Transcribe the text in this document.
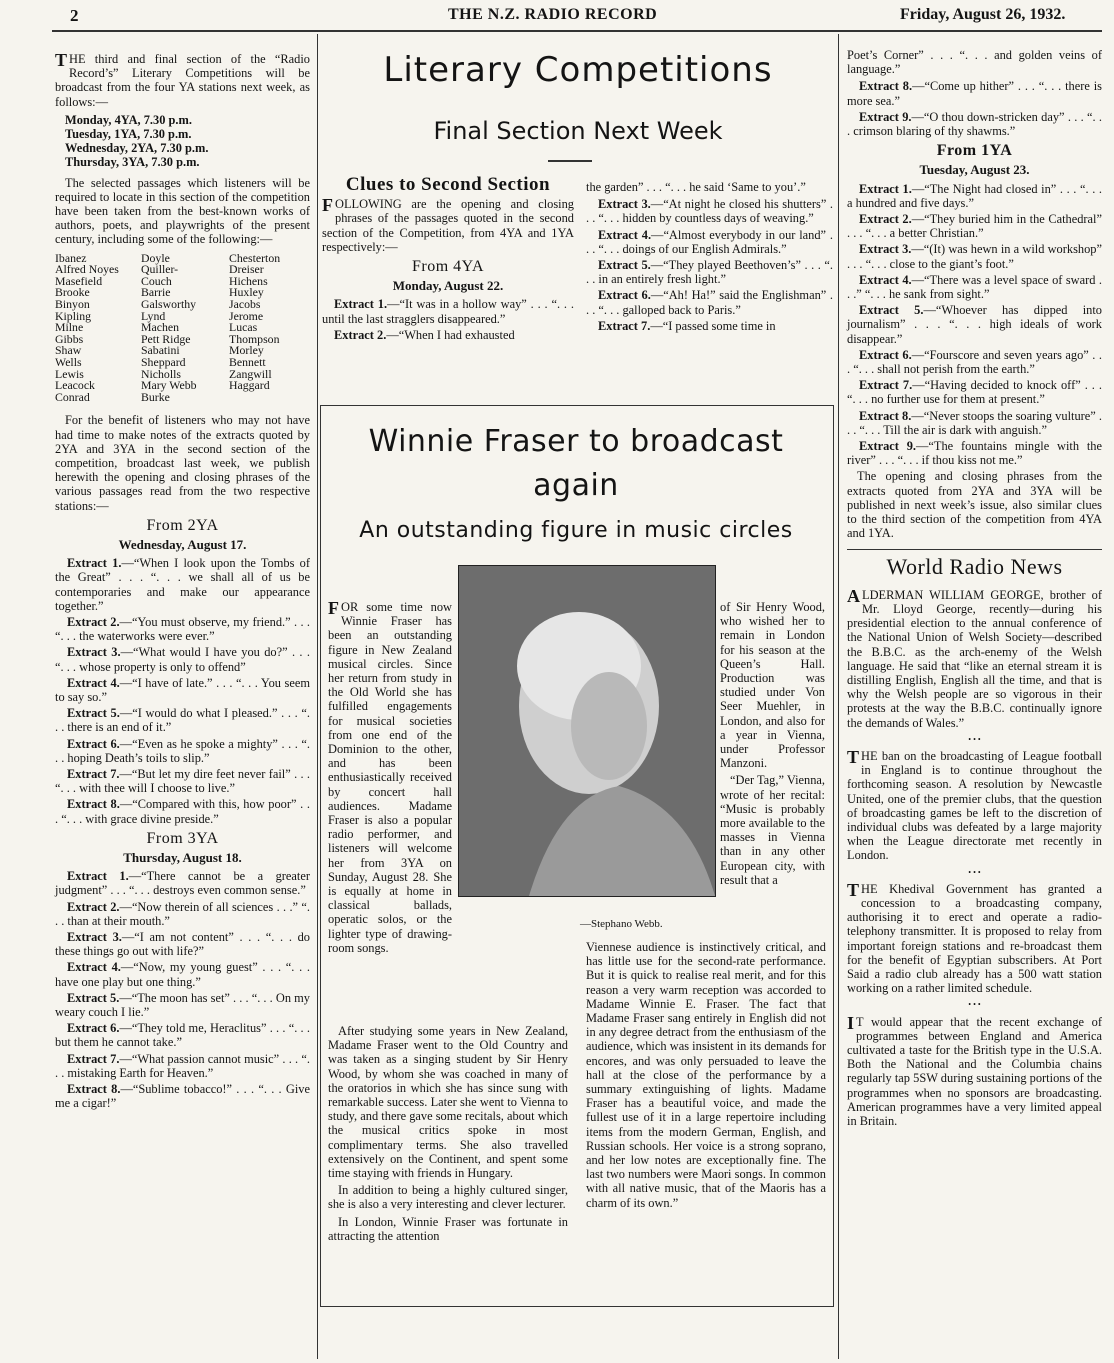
2	THE N.Z. RADIO RECORD	Friday, August 26, 1932.

T HE third and final section of the “Radio Record’s” Literary Competitions will be broadcast from the four YA stations next week, as follows:—

Monday, 4YA, 7.30 p.m.
Tuesday, 1YA, 7.30 p.m.
Wednesday, 2YA, 7.30 p.m.
Thursday, 3YA, 7.30 p.m.

The selected passages which listeners will be required to locate in this section of the competition have been taken from the best-known works of authors, poets, and playwrights of the present century, including some of the following:—

Ibanez	Doyle	Chesterton
Alfred Noyes	Quiller-	Dreiser
Masefield	Couch	Hichens
Brooke	Barrie	Huxley
Binyon	Galsworthy	Jacobs
Kipling	Lynd	Jerome
Milne	Machen	Lucas
Gibbs	Pett Ridge	Thompson
Shaw	Sabatini	Morley
Wells	Sheppard	Bennett
Lewis	Nicholls	Zangwill
Leacock	Mary Webb	Haggard
Conrad	Burke

For the benefit of listeners who may not have had time to make notes of the extracts quoted by 2YA and 3YA in the second section of the competition, broadcast last week, we publish herewith the opening and closing phrases of the various passages read from the two respective stations:—

From 2YA
Wednesday, August 17.

Extract 1.—“When I look upon the Tombs of the Great” . . . “. . . we shall all of us be contemporaries and make our appearance together.”

Extract 2.—“You must observe, my friend.” . . . “. . . the waterworks were ever.”

Extract 3.—“What would I have you do?” . . . “. . . whose property is only to offend”

Extract 4.—“I have of late.” . . . “. . . You seem to say so.”

Extract 5.—“I would do what I pleased.” . . . “. . . there is an end of it.”

Extract 6.—“Even as he spoke a mighty” . . . “. . . hoping Death’s toils to slip.”

Extract 7.—“But let my dire feet never fail” . . . “. . . with thee will I choose to live.”

Extract 8.—“Compared with this, how poor” . . . “. . . with grace divine preside.”

From 3YA
Thursday, August 18.

Extract 1.—“There cannot be a greater judgment” . . . “. . . destroys even common sense.”

Extract 2.—“Now therein of all sciences . . .” “. . . than at their mouth.”

Extract 3.—“I am not content” . . . “. . . do these things go out with life?”

Extract 4.—“Now, my young guest” . . . “. . . have one play but one thing.”

Extract 5.—“The moon has set” . . . “. . . On my weary couch I lie.”

Extract 6.—“They told me, Heraclitus” . . . “. . . but them he cannot take.”

Extract 7.—“What passion cannot music” . . . “. . . mistaking Earth for Heaven.”

Extract 8.—“Sublime tobacco!” . . . “. . . Give me a cigar!”

Literary Competitions
Final Section Next Week
Clues to Second Section

F OLLOWING are the opening and closing phrases of the passages quoted in the second section of the Competition, from 4YA and 1YA respectively:—

From 4YA
Monday, August 22.

Extract 1.—“It was in a hollow way” . . . “. . . until the last stragglers disappeared.”

Extract 2.—“When I had exhausted

the garden” . . . “. . . he said ‘Same to you’.”

Extract 3.—“At night he closed his shutters” . . . “. . . hidden by countless days of weaving.”

Extract 4.—“Almost everybody in our land” . . . “. . . doings of our English Admirals.”

Extract 5.—“They played Beethoven’s” . . . “. . . in an entirely fresh light.”

Extract 6.—“Ah! Ha!” said the Englishman” . . . “. . . galloped back to Paris.”

Extract 7.—“I passed some time in

Winnie Fraser to broadcast again
An outstanding figure in music circles
—Stephano Webb.

F OR some time now Winnie Fraser has been an outstanding figure in New Zealand musical circles. Since her return from study in the Old World she has fulfilled engagements for musical societies from one end of the Dominion to the other, and has been enthusiastically received by concert hall audiences. Madame Fraser is also a popular radio performer, and listeners will welcome her from 3YA on Sunday, August 28. She is equally at home in classical ballads, operatic solos, or the lighter type of drawing-room songs.

After studying some years in New Zealand, Madame Fraser went to the Old Country and was taken as a singing student by Sir Henry Wood, by whom she was coached in many of the oratorios in which she has since sung with remarkable success. Later she went to Vienna to study, and there gave some recitals, about which the musical critics spoke in most complimentary terms. She also travelled extensively on the Continent, and spent some time staying with friends in Hungary.

In addition to being a highly cultured singer, she is also a very interesting and clever lecturer.

In London, Winnie Fraser was fortunate in attracting the attention

of Sir Henry Wood, who wished her to remain in London for his season at the Queen’s Hall. Production was studied under Von Seer Muehler, in London, and also for a year in Vienna, under Professor Manzoni.

“Der Tag,” Vienna, wrote of her recital: “Music is probably more available to the masses in Vienna than in any other European city, with result that a

Viennese audience is instinctively critical, and has little use for the second-rate performance. But it is quick to realise real merit, and for this reason a very warm reception was accorded to Madame Winnie E. Fraser. The fact that Madame Fraser sang entirely in English did not in any degree detract from the enthusiasm of the audience, which was insistent in its demands for encores, and was only persuaded to leave the hall at the close of the performance by a summary extinguishing of lights. Madame Fraser has a beautiful voice, and made the fullest use of it in a large repertoire including items from the modern German, English, and Russian schools. Her voice is a strong soprano, and her low notes are exceptionally fine. The last two numbers were Maori songs. In common with all native music, that of the Maoris has a charm of its own.”

Poet’s Corner” . . . “. . . and golden veins of language.”

Extract 8.—“Come up hither” . . . “. . . there is more sea.”

Extract 9.—“O thou down-stricken day” . . . “. . . crimson blaring of thy shawms.”

From 1YA
Tuesday, August 23.

Extract 1.—“The Night had closed in” . . . “. . . a hundred and five days.”

Extract 2.—“They buried him in the Cathedral” . . . “. . . a better Christian.”

Extract 3.—“(It) was hewn in a wild workshop” . . . “. . . close to the giant’s foot.”

Extract 4.—“There was a level space of sward . . .” “. . . he sank from sight.”

Extract 5.—“Whoever has dipped into journalism” . . . “. . . high ideals of work disappear.”

Extract 6.—“Fourscore and seven years ago” . . . “. . . shall not perish from the earth.”

Extract 7.—“Having decided to knock off” . . . “. . . no further use for them at present.”

Extract 8.—“Never stoops the soaring vulture” . . . “. . . Till the air is dark with anguish.”

Extract 9.—“The fountains mingle with the river” . . . “. . . if thou kiss not me.”

The opening and closing phrases from the extracts quoted from 2YA and 3YA will be published in next week’s issue, also similar clues to the third section of the competition from 4YA and 1YA.

World Radio News

A LDERMAN WILLIAM GEORGE, brother of Mr. Lloyd George, recently—during his presidential election to the annual conference of the National Union of Welsh Society—described the B.B.C. as the arch-enemy of the Welsh language. He said that “like an eternal stream it is distilling English, English all the time, and that is why the Welsh people are so vigorous in their protests at the way the B.B.C. continually ignore the demands of Wales.”

• • •

T HE ban on the broadcasting of League football in England is to continue throughout the forthcoming season. A resolution by Newcastle United, one of the premier clubs, that the question of broadcasting games be left to the discretion of individual clubs was defeated by a large majority when the League directorate met recently in London.

• • •

T HE Khedival Government has granted a concession to a broadcasting company, authorising it to erect and operate a radio-telephony transmitter. It is proposed to relay from important foreign stations and re-broadcast them for the benefit of Egyptian subscribers. At Port Said a radio club already has a 500 watt station working on a rather limited schedule.

• • •

I T would appear that the recent exchange of programmes between England and America cultivated a taste for the British type in the U.S.A. Both the National and the Columbia chains regularly tap 5SW during sustaining portions of the programmes when no sponsors are broadcasting. American programmes have a very limited appeal in Britain.
